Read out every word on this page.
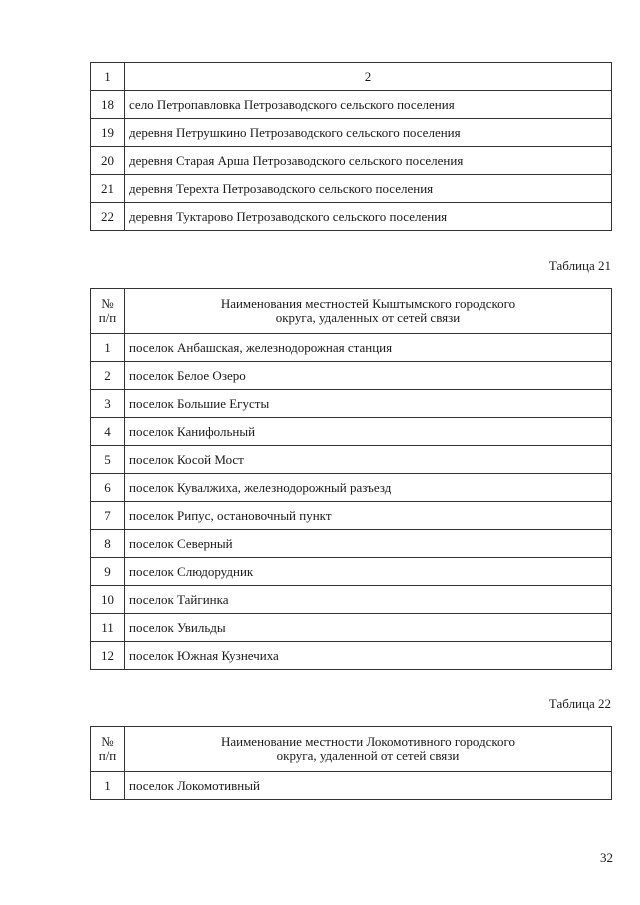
1	2
18	село Петропавловка Петрозаводского сельского поселения
19	деревня Петрушкино Петрозаводского сельского поселения
20	деревня Старая Арша Петрозаводского сельского поселения
21	деревня Терехта Петрозаводского сельского поселения
22	деревня Туктарово Петрозаводского сельского поселения
Таблица 21
№ п/п	Наименования местностей Кыштымского городского округа, удаленных от сетей связи
1	поселок Анбашская, железнодорожная станция
2	поселок Белое Озеро
3	поселок Большие Егусты
4	поселок Канифольный
5	поселок Косой Мост
6	поселок Кувалжиха, железнодорожный разъезд
7	поселок Рипус, остановочный пункт
8	поселок Северный
9	поселок Слюдорудник
10	поселок Тайгинка
11	поселок Увильды
12	поселок Южная Кузнечиха
Таблица 22
№ п/п	Наименование местности Локомотивного городского округа, удаленной от сетей связи
1	поселок Локомотивный
32
